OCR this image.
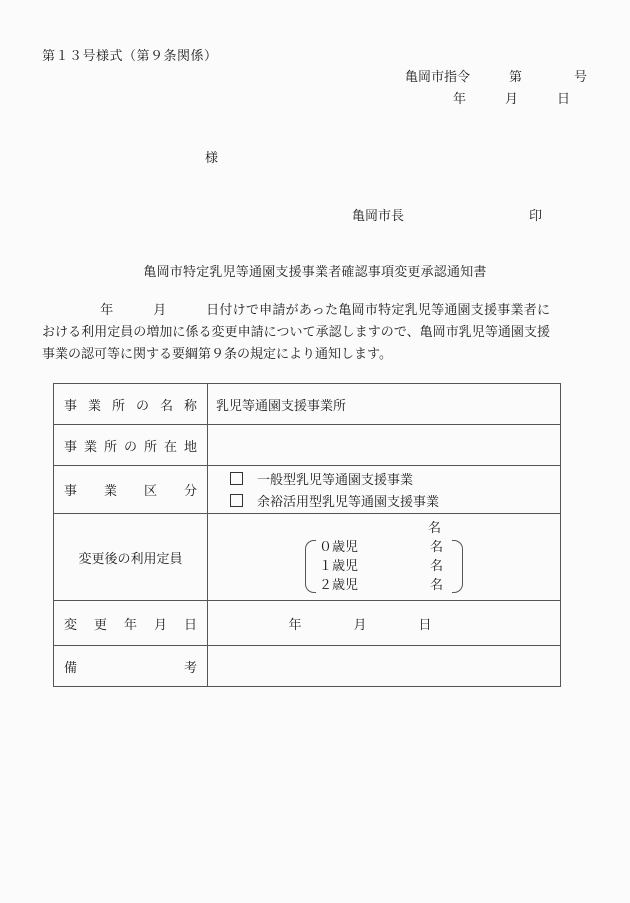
第１３号様式（第９条関係）
亀岡市指令　　　第　　　　号
年　　　月　　　日
様
亀岡市長	印
亀岡市特定乳児等通園支援事業者確認事項変更承認通知書
年　　　月　　　日付けで申請があった亀岡市特定乳児等通園支援事業者における利用定員の増加に係る変更申請について承認しますので、亀岡市乳児等通園支援事業の認可等に関する要綱第９条の規定により通知します。
事業所の名称	乳児等通園支援事業所

事業所の所在地	

事業区分	一般型乳児等通園支援事業
余裕活用型乳児等通園支援事業

変更後の利用定員

名
０歳児	名
１歳児	名
２歳児	名

変更年月日	年　　　　月　　　　日

備考	
